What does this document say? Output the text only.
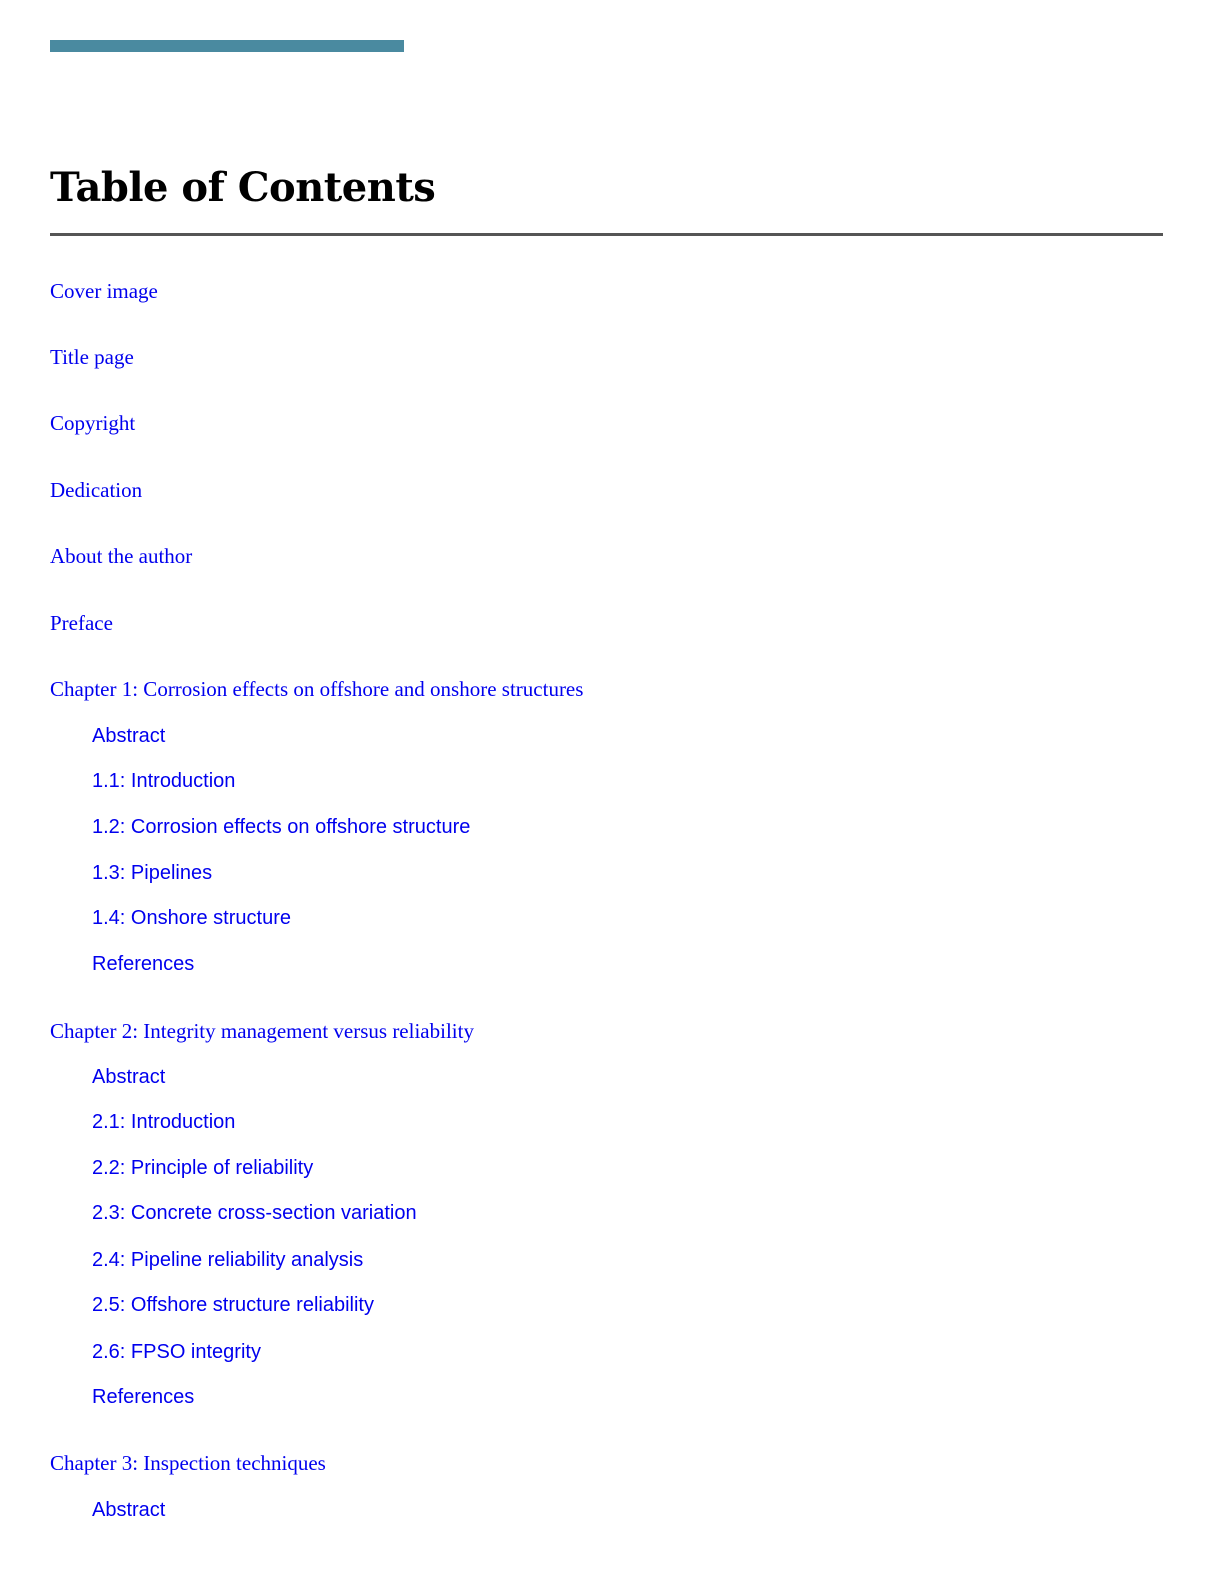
Table of Contents
Cover image
Title page
Copyright
Dedication
About the author
Preface
Chapter 1: Corrosion effects on offshore and onshore structures
Abstract
1.1: Introduction
1.2: Corrosion effects on offshore structure
1.3: Pipelines
1.4: Onshore structure
References
Chapter 2: Integrity management versus reliability
Abstract
2.1: Introduction
2.2: Principle of reliability
2.3: Concrete cross-section variation
2.4: Pipeline reliability analysis
2.5: Offshore structure reliability
2.6: FPSO integrity
References
Chapter 3: Inspection techniques
Abstract
